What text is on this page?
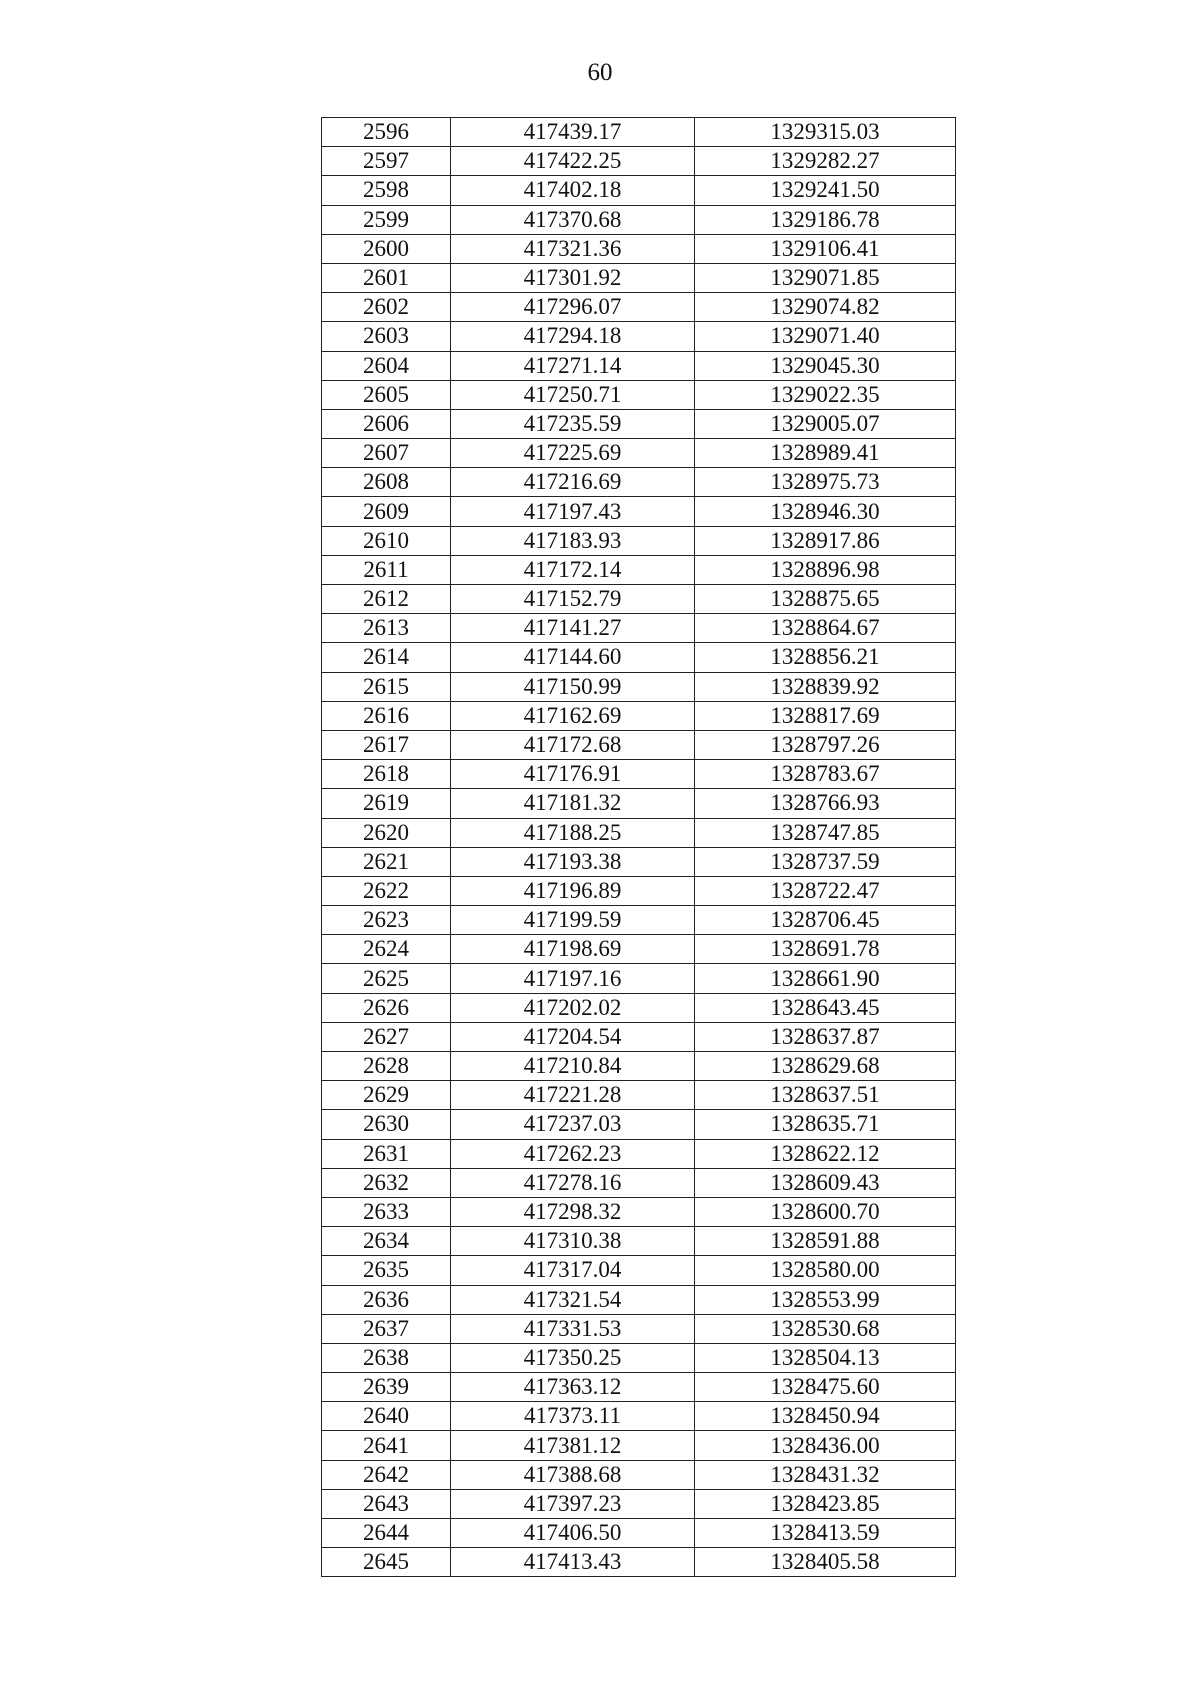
60
2596	417439.17	1329315.03
2597	417422.25	1329282.27
2598	417402.18	1329241.50
2599	417370.68	1329186.78
2600	417321.36	1329106.41
2601	417301.92	1329071.85
2602	417296.07	1329074.82
2603	417294.18	1329071.40
2604	417271.14	1329045.30
2605	417250.71	1329022.35
2606	417235.59	1329005.07
2607	417225.69	1328989.41
2608	417216.69	1328975.73
2609	417197.43	1328946.30
2610	417183.93	1328917.86
2611	417172.14	1328896.98
2612	417152.79	1328875.65
2613	417141.27	1328864.67
2614	417144.60	1328856.21
2615	417150.99	1328839.92
2616	417162.69	1328817.69
2617	417172.68	1328797.26
2618	417176.91	1328783.67
2619	417181.32	1328766.93
2620	417188.25	1328747.85
2621	417193.38	1328737.59
2622	417196.89	1328722.47
2623	417199.59	1328706.45
2624	417198.69	1328691.78
2625	417197.16	1328661.90
2626	417202.02	1328643.45
2627	417204.54	1328637.87
2628	417210.84	1328629.68
2629	417221.28	1328637.51
2630	417237.03	1328635.71
2631	417262.23	1328622.12
2632	417278.16	1328609.43
2633	417298.32	1328600.70
2634	417310.38	1328591.88
2635	417317.04	1328580.00
2636	417321.54	1328553.99
2637	417331.53	1328530.68
2638	417350.25	1328504.13
2639	417363.12	1328475.60
2640	417373.11	1328450.94
2641	417381.12	1328436.00
2642	417388.68	1328431.32
2643	417397.23	1328423.85
2644	417406.50	1328413.59
2645	417413.43	1328405.58
